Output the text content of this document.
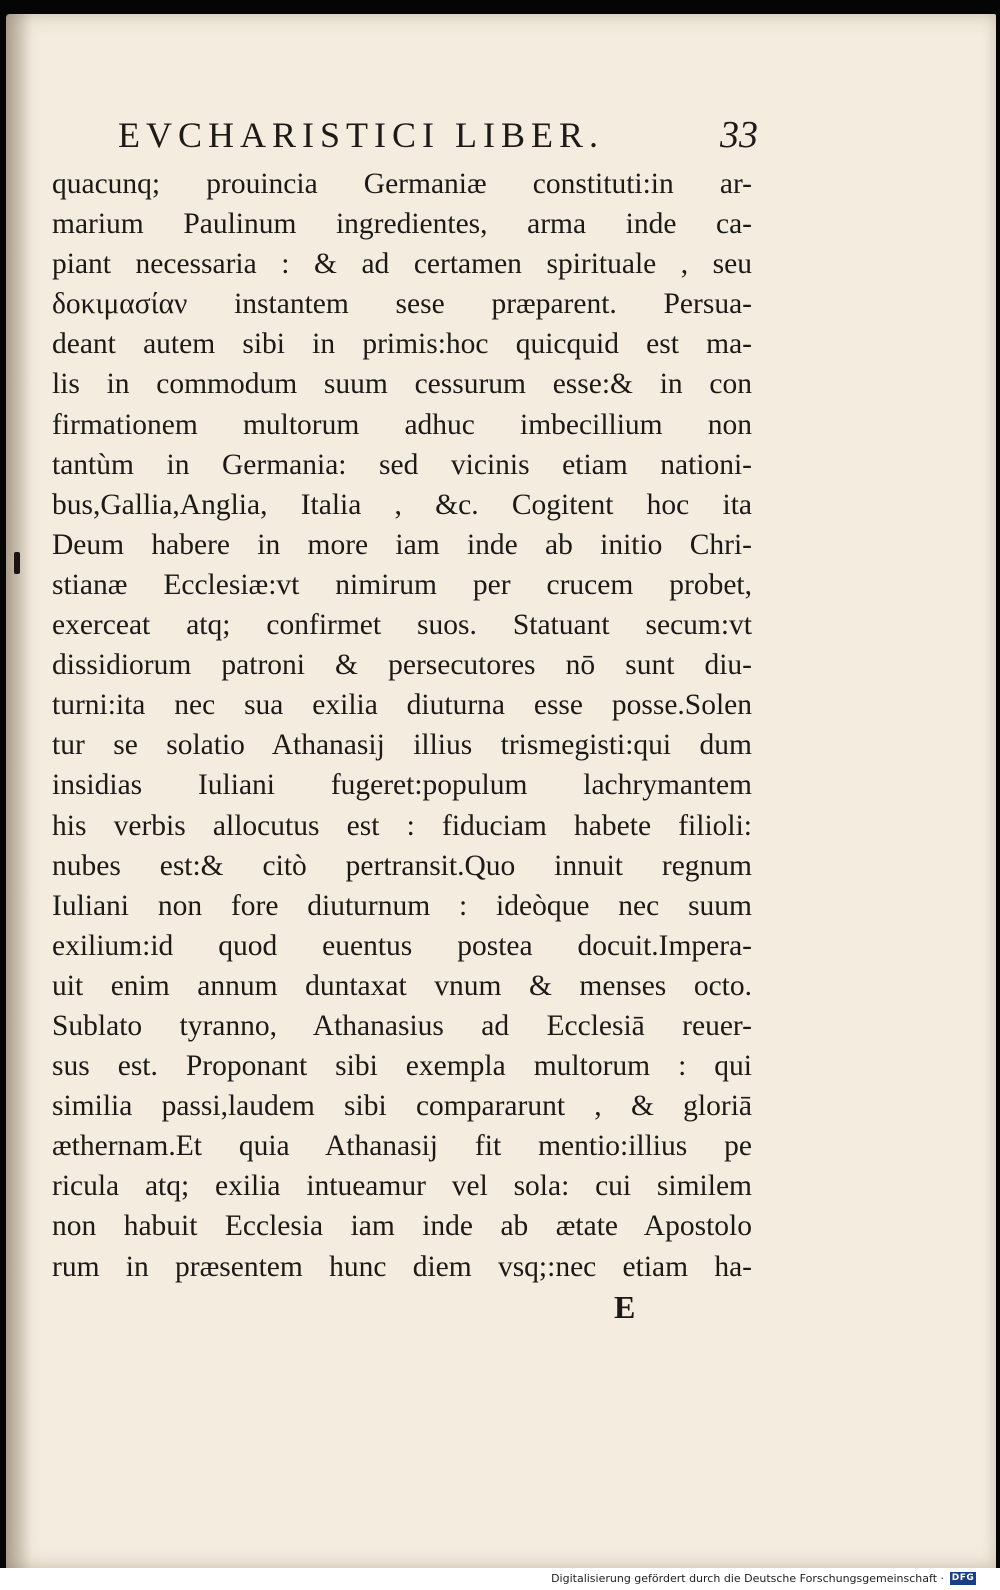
EVCHARISTICI LIBER.	33
quacunq; prouincia Germaniæ constituti:in ar-
marium Paulinum ingredientes, arma inde ca-
piant necessaria : & ad certamen spirituale , seu
δοκιμασίαν instantem sese præparent. Persua-
deant autem sibi in primis:hoc quicquid est ma-
lis in commodum suum cessurum esse:& in con
firmationem multorum adhuc imbecillium non
tantùm in Germania: sed vicinis etiam nationi-
bus,Gallia,Anglia, Italia , &c. Cogitent hoc ita
Deum habere in more iam inde ab initio Chri-
stianæ Ecclesiæ:vt nimirum per crucem probet,
exerceat atq; confirmet suos. Statuant secum:vt
dissidiorum patroni & persecutores nō sunt diu-
turni:ita nec sua exilia diuturna esse posse.Solen
tur se solatio Athanasij illius trismegisti:qui dum
insidias Iuliani fugeret:populum lachrymantem
his verbis allocutus est : fiduciam habete filioli:
nubes est:& citò pertransit.Quo innuit regnum
Iuliani non fore diuturnum : ideòque nec suum
exilium:id quod euentus postea docuit.Impera-
uit enim annum duntaxat vnum & menses octo.
Sublato tyranno, Athanasius ad Ecclesiā reuer-
sus est. Proponant sibi exempla multorum : qui
similia passi,laudem sibi compararunt , & gloriā
æthernam.Et quia Athanasij fit mentio:illius pe
ricula atq; exilia intueamur vel sola: cui similem
non habuit Ecclesia iam inde ab ætate Apostolo
rum in præsentem hunc diem vsq;:nec etiam ha-
E
Digitalisierung gefördert durch die Deutsche Forschungsgemeinschaft · DFG
